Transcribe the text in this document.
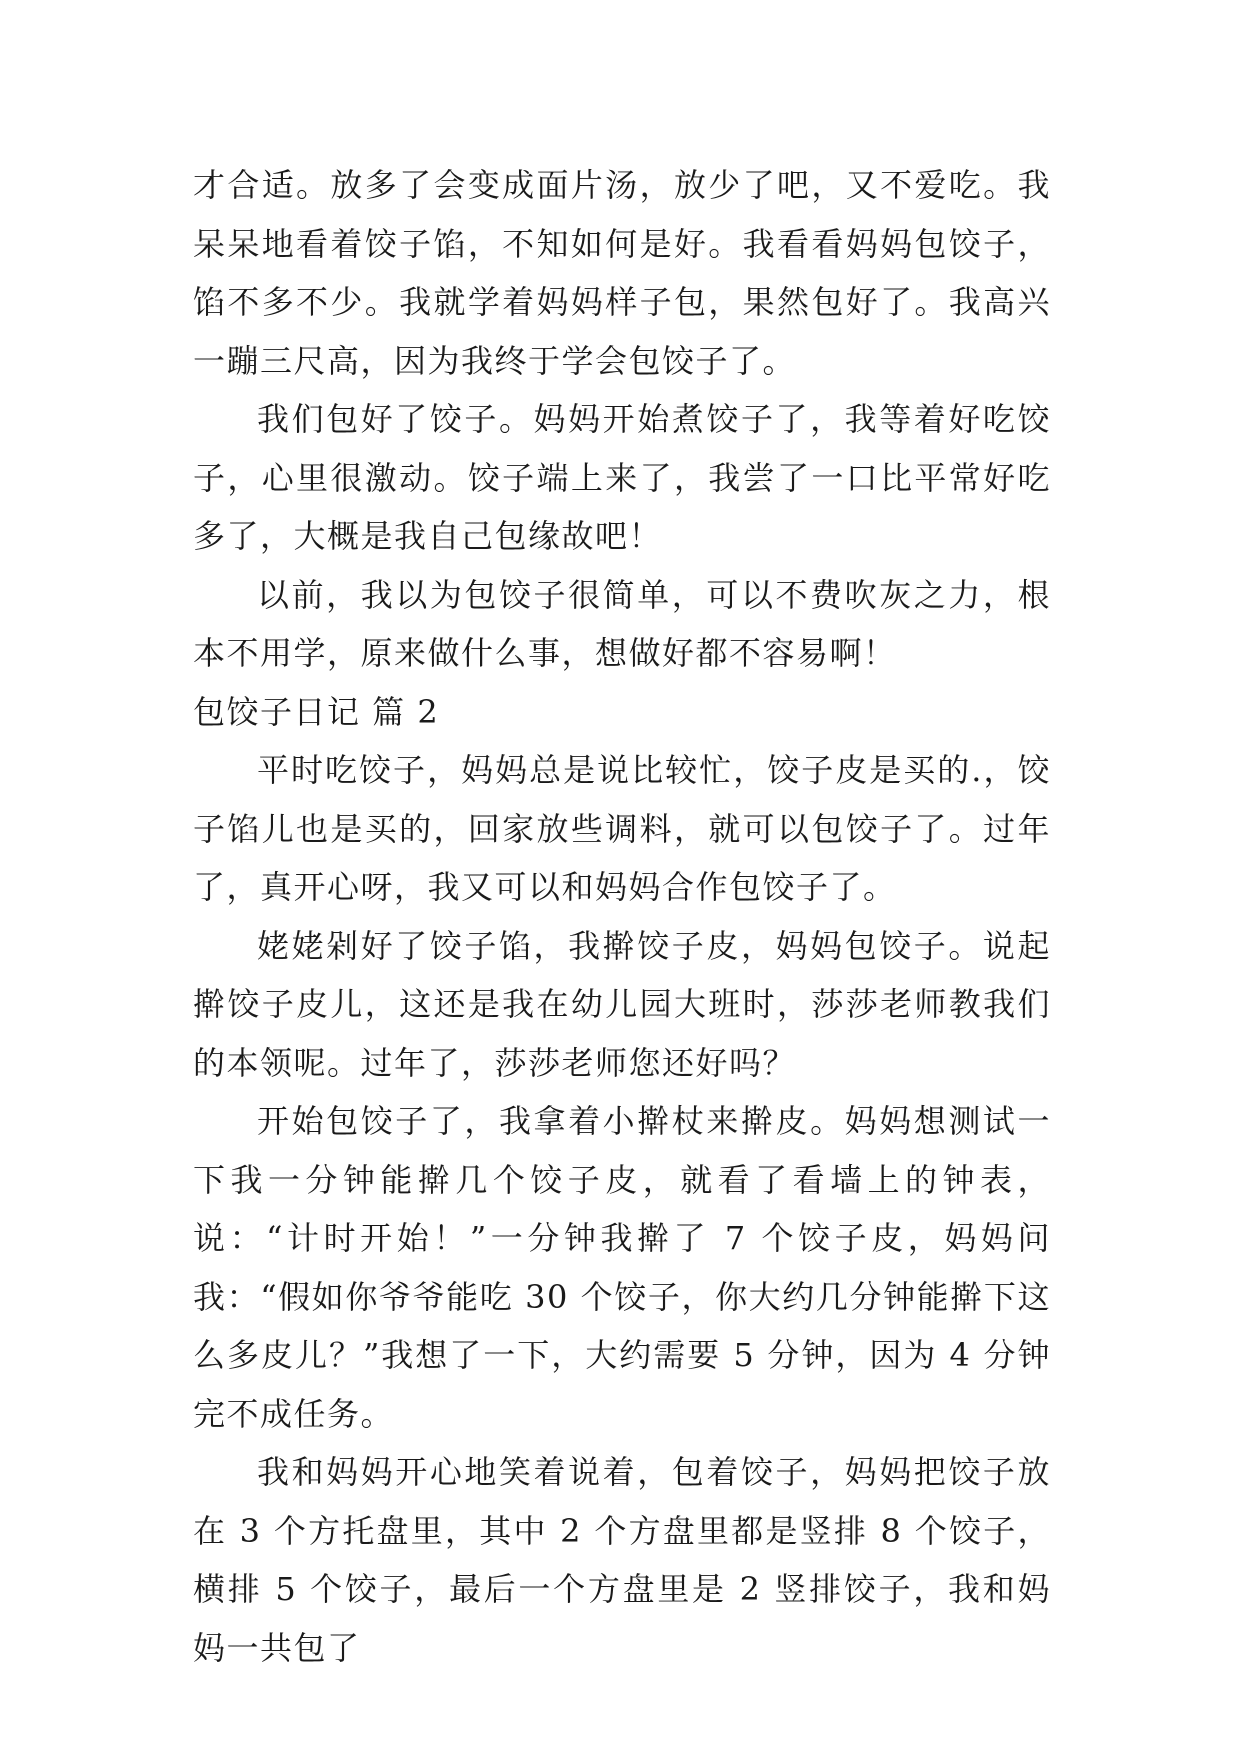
才合适。放多了会变成面片汤，放少了吧，又不爱吃。我呆呆地看着饺子馅，不知如何是好。我看看妈妈包饺子，馅不多不少。我就学着妈妈样子包，果然包好了。我高兴一蹦三尺高，因为我终于学会包饺子了。

我们包好了饺子。妈妈开始煮饺子了，我等着好吃饺子，心里很激动。饺子端上来了，我尝了一口比平常好吃多了，大概是我自己包缘故吧！

以前，我以为包饺子很简单，可以不费吹灰之力，根本不用学，原来做什么事，想做好都不容易啊！

包饺子日记 篇 2

平时吃饺子，妈妈总是说比较忙，饺子皮是买的.，饺子馅儿也是买的，回家放些调料，就可以包饺子了。过年了，真开心呀，我又可以和妈妈合作包饺子了。

姥姥剁好了饺子馅，我擀饺子皮，妈妈包饺子。说起擀饺子皮儿，这还是我在幼儿园大班时，莎莎老师教我们的本领呢。过年了，莎莎老师您还好吗？

开始包饺子了，我拿着小擀杖来擀皮。妈妈想测试一下我一分钟能擀几个饺子皮，就看了看墙上的钟表，说：“计时开始！”一分钟我擀了 7 个饺子皮，妈妈问我：“假如你爷爷能吃 30 个饺子，你大约几分钟能擀下这么多皮儿？”我想了一下，大约需要 5 分钟，因为 4 分钟完不成任务。

我和妈妈开心地笑着说着，包着饺子，妈妈把饺子放在 3 个方托盘里，其中 2 个方盘里都是竖排 8 个饺子，横排 5 个饺子，最后一个方盘里是 2 竖排饺子，我和妈妈一共包了
